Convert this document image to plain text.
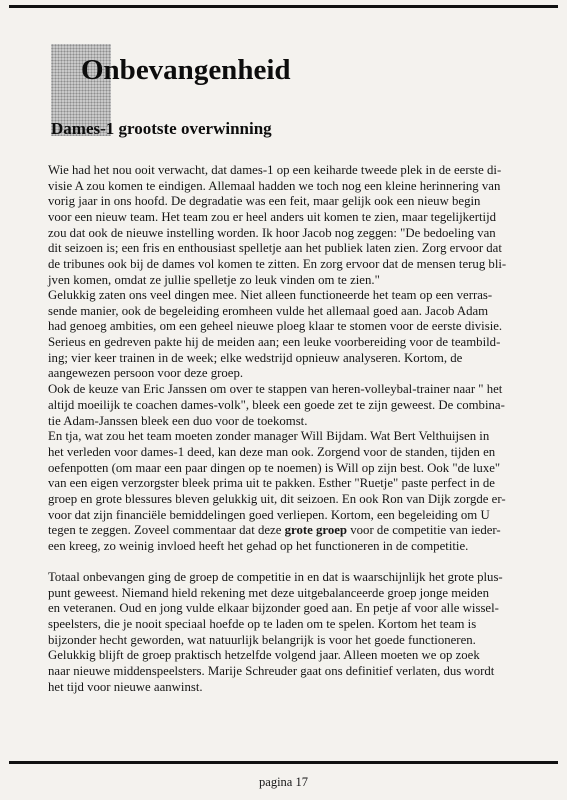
Onbevangenheid
Dames-1 grootste overwinning
Wie had het nou ooit verwacht, dat dames-1 op een keiharde tweede plek in de eerste di-
visie A zou komen te eindigen. Allemaal hadden we toch nog een kleine herinnering van
vorig jaar in ons hoofd. De degradatie was een feit, maar gelijk ook een nieuw begin
voor een nieuw team. Het team zou er heel anders uit komen te zien, maar tegelijkertijd
zou dat ook de nieuwe instelling worden. Ik hoor Jacob nog zeggen: "De bedoeling van
dit seizoen is; een fris en enthousiast spelletje aan het publiek laten zien. Zorg ervoor dat
de tribunes ook bij de dames vol komen te zitten. En zorg ervoor dat de mensen terug bli-
jven komen, omdat ze jullie spelletje zo leuk vinden om te zien."
Gelukkig zaten ons veel dingen mee. Niet alleen functioneerde het team op een verras-
sende manier, ook de begeleiding eromheen vulde het allemaal goed aan. Jacob Adam
had genoeg ambities, om een geheel nieuwe ploeg klaar te stomen voor de eerste divisie.
Serieus en gedreven pakte hij de meiden aan; een leuke voorbereiding voor de teambild-
ing; vier keer trainen in de week; elke wedstrijd opnieuw analyseren. Kortom, de
aangewezen persoon voor deze groep.
Ook de keuze van Eric Janssen om over te stappen van heren-volleybal-trainer naar " het
altijd moeilijk te coachen dames-volk", bleek een goede zet te zijn geweest. De combina-
tie Adam-Janssen bleek een duo voor de toekomst.
En tja, wat zou het team moeten zonder manager Will Bijdam. Wat Bert Velthuijsen in
het verleden voor dames-1 deed, kan deze man ook. Zorgend voor de standen, tijden en
oefenpotten (om maar een paar dingen op te noemen) is Will op zijn best. Ook "de luxe"
van een eigen verzorgster bleek prima uit te pakken. Esther "Ruetje" paste perfect in de
groep en grote blessures bleven gelukkig uit, dit seizoen. En ook Ron van Dijk zorgde er-
voor dat zijn financiële bemiddelingen goed verliepen. Kortom, een begeleiding om U
tegen te zeggen. Zoveel commentaar dat deze grote groep voor de competitie van ieder-
een kreeg, zo weinig invloed heeft het gehad op het functioneren in de competitie.
Totaal onbevangen ging de groep de competitie in en dat is waarschijnlijk het grote plus-
punt geweest. Niemand hield rekening met deze uitgebalanceerde groep jonge meiden
en veteranen. Oud en jong vulde elkaar bijzonder goed aan. En petje af voor alle wissel-
speelsters, die je nooit speciaal hoefde op te laden om te spelen. Kortom het team is
bijzonder hecht geworden, wat natuurlijk belangrijk is voor het goede functioneren.
Gelukkig blijft de groep praktisch hetzelfde volgend jaar. Alleen moeten we op zoek
naar nieuwe middenspeelsters. Marije Schreuder gaat ons definitief verlaten, dus wordt
het tijd voor nieuwe aanwinst.
pagina 17
